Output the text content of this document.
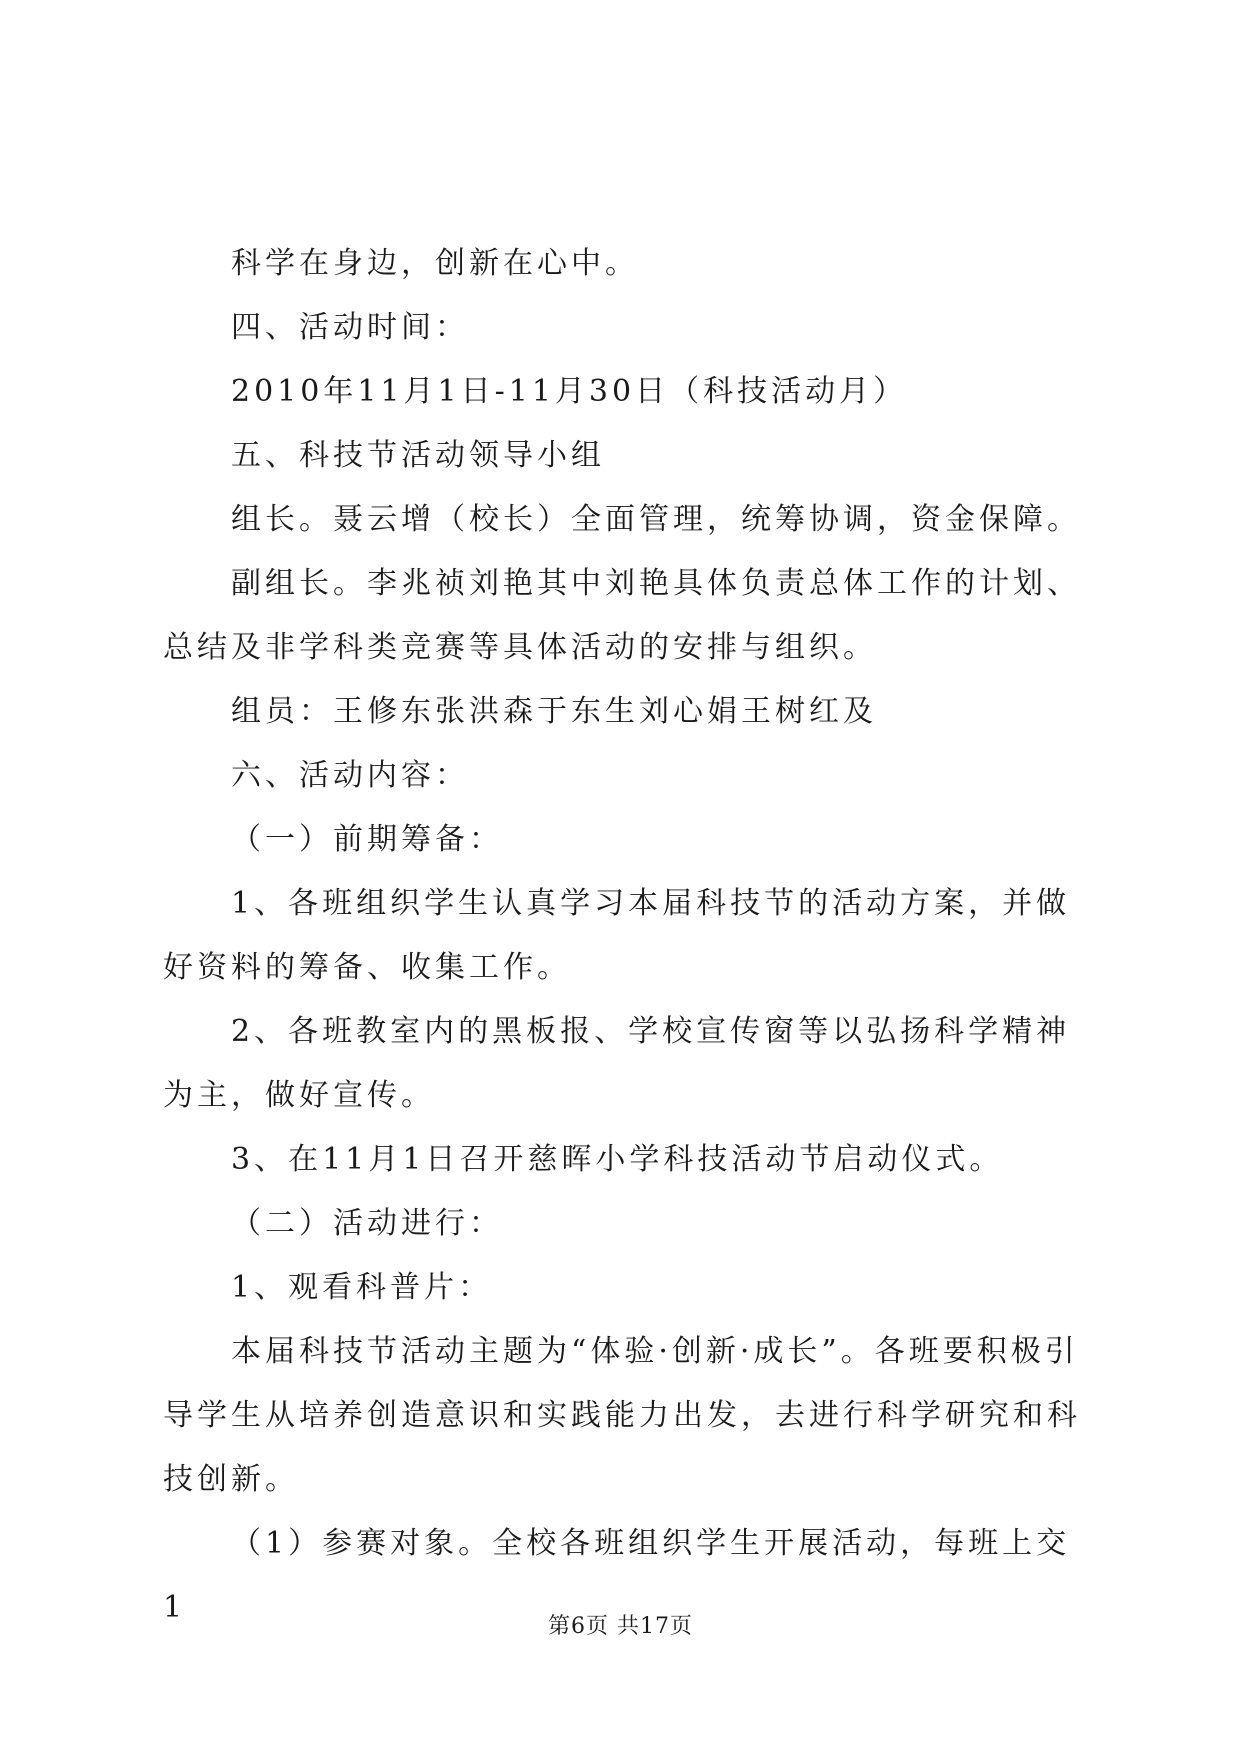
科学在身边，创新在心中。

四、活动时间：

2010年11月1日-11月30日（科技活动月）

五、科技节活动领导小组

组长。聂云增（校长）全面管理，统筹协调，资金保障。

副组长。李兆祯刘艳其中刘艳具体负责总体工作的计划、总结及非学科类竞赛等具体活动的安排与组织。

组员：王修东张洪森于东生刘心娟王树红及

六、活动内容：

（一）前期筹备：

1、各班组织学生认真学习本届科技节的活动方案，并做好资料的筹备、收集工作。

2、各班教室内的黑板报、学校宣传窗等以弘扬科学精神为主，做好宣传。

3、在11月1日召开慈晖小学科技活动节启动仪式。

（二）活动进行：

1、观看科普片：

本届科技节活动主题为“体验·创新·成长”。各班要积极引导学生从培养创造意识和实践能力出发，去进行科学研究和科技创新。

（1）参赛对象。全校各班组织学生开展活动，每班上交1

第6页 共17页
